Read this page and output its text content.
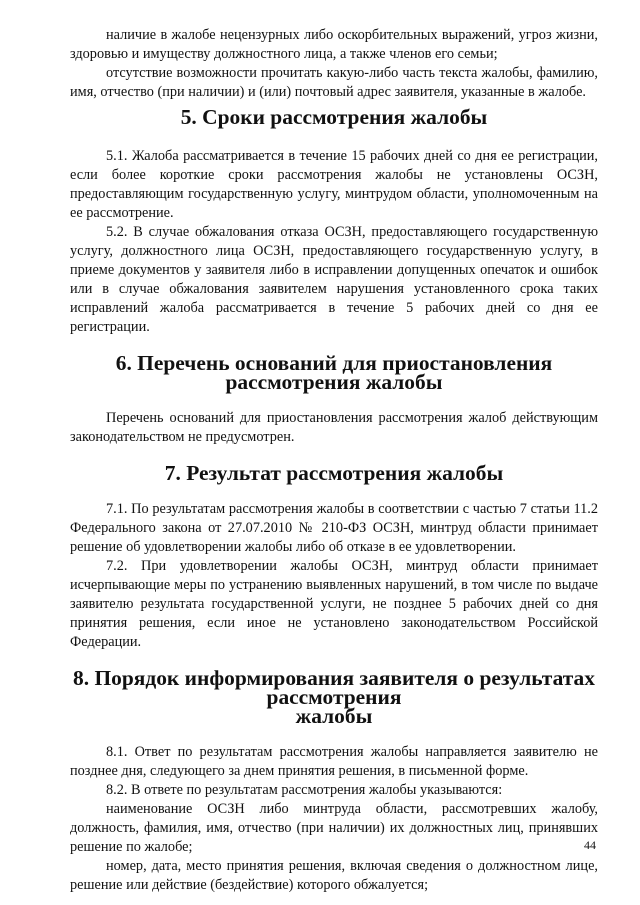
наличие в жалобе нецензурных либо оскорбительных выражений, угроз жизни, здоровью и имуществу должностного лица, а также членов его семьи;

отсутствие возможности прочитать какую-либо часть текста жалобы, фамилию, имя, отчество (при наличии) и (или) почтовый адрес заявителя, указанные в жалобе.

5. Сроки рассмотрения жалобы

5.1. Жалоба рассматривается в течение 15 рабочих дней со дня ее регистрации, если более короткие сроки рассмотрения жалобы не установлены ОСЗН, предоставляющим государственную услугу, минтрудом области, уполномоченным на ее рассмотрение.

5.2. В случае обжалования отказа ОСЗН, предоставляющего государственную услугу, должностного лица ОСЗН, предоставляющего государственную услугу, в приеме документов у заявителя либо в исправлении допущенных опечаток и ошибок или в случае обжалования заявителем нарушения установленного срока таких исправлений жалоба рассматривается в течение 5 рабочих дней со дня ее регистрации.

6. Перечень оснований для приостановления рассмотрения жалобы

Перечень оснований для приостановления рассмотрения жалоб действующим законодательством не предусмотрен.

7. Результат рассмотрения жалобы

7.1. По результатам рассмотрения жалобы в соответствии с частью 7 статьи 11.2 Федерального закона от 27.07.2010 № 210-ФЗ ОСЗН, минтруд области принимает решение об удовлетворении жалобы либо об отказе в ее удовлетворении.

7.2. При удовлетворении жалобы ОСЗН, минтруд области принимает исчерпывающие меры по устранению выявленных нарушений, в том числе по выдаче заявителю результата государственной услуги, не позднее 5 рабочих дней со дня принятия решения, если иное не установлено законодательством Российской Федерации.

8. Порядок информирования заявителя о результатах рассмотрения
жалобы

8.1. Ответ по результатам рассмотрения жалобы направляется заявителю не позднее дня, следующего за днем принятия решения, в письменной форме.

8.2. В ответе по результатам рассмотрения жалобы указываются:

наименование ОСЗН либо минтруда области, рассмотревших жалобу, должность, фамилия, имя, отчество (при наличии) их должностных лиц, принявших решение по жалобе;

номер, дата, место принятия решения, включая сведения о должностном лице, решение или действие (бездействие) которого обжалуется;

44
